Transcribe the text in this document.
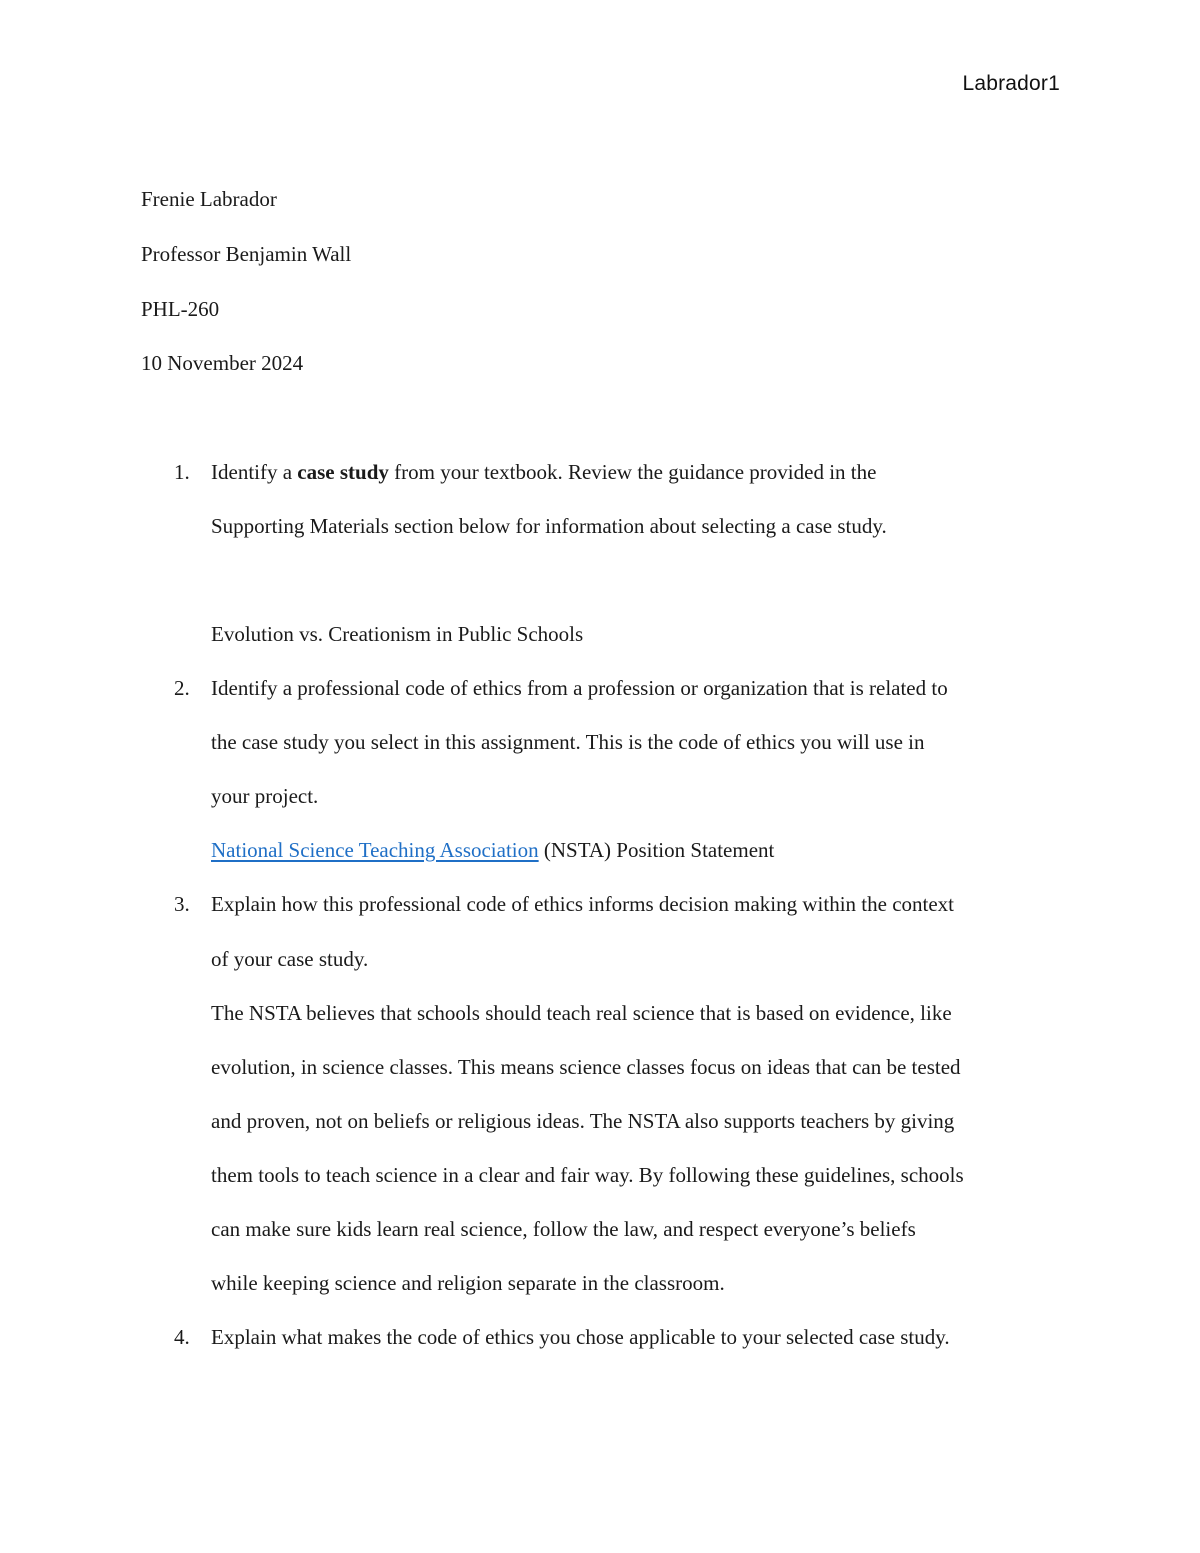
Labrador1
Frenie Labrador
Professor Benjamin Wall
PHL-260
10 November 2024
1. Identify a case study from your textbook. Review the guidance provided in the
Supporting Materials section below for information about selecting a case study.
Evolution vs. Creationism in Public Schools
2. Identify a professional code of ethics from a profession or organization that is related to
the case study you select in this assignment. This is the code of ethics you will use in
your project.
National Science Teaching Association (NSTA) Position Statement
3. Explain how this professional code of ethics informs decision making within the context
of your case study.
The NSTA believes that schools should teach real science that is based on evidence, like
evolution, in science classes. This means science classes focus on ideas that can be tested
and proven, not on beliefs or religious ideas. The NSTA also supports teachers by giving
them tools to teach science in a clear and fair way. By following these guidelines, schools
can make sure kids learn real science, follow the law, and respect everyone’s beliefs
while keeping science and religion separate in the classroom.
4. Explain what makes the code of ethics you chose applicable to your selected case study.
